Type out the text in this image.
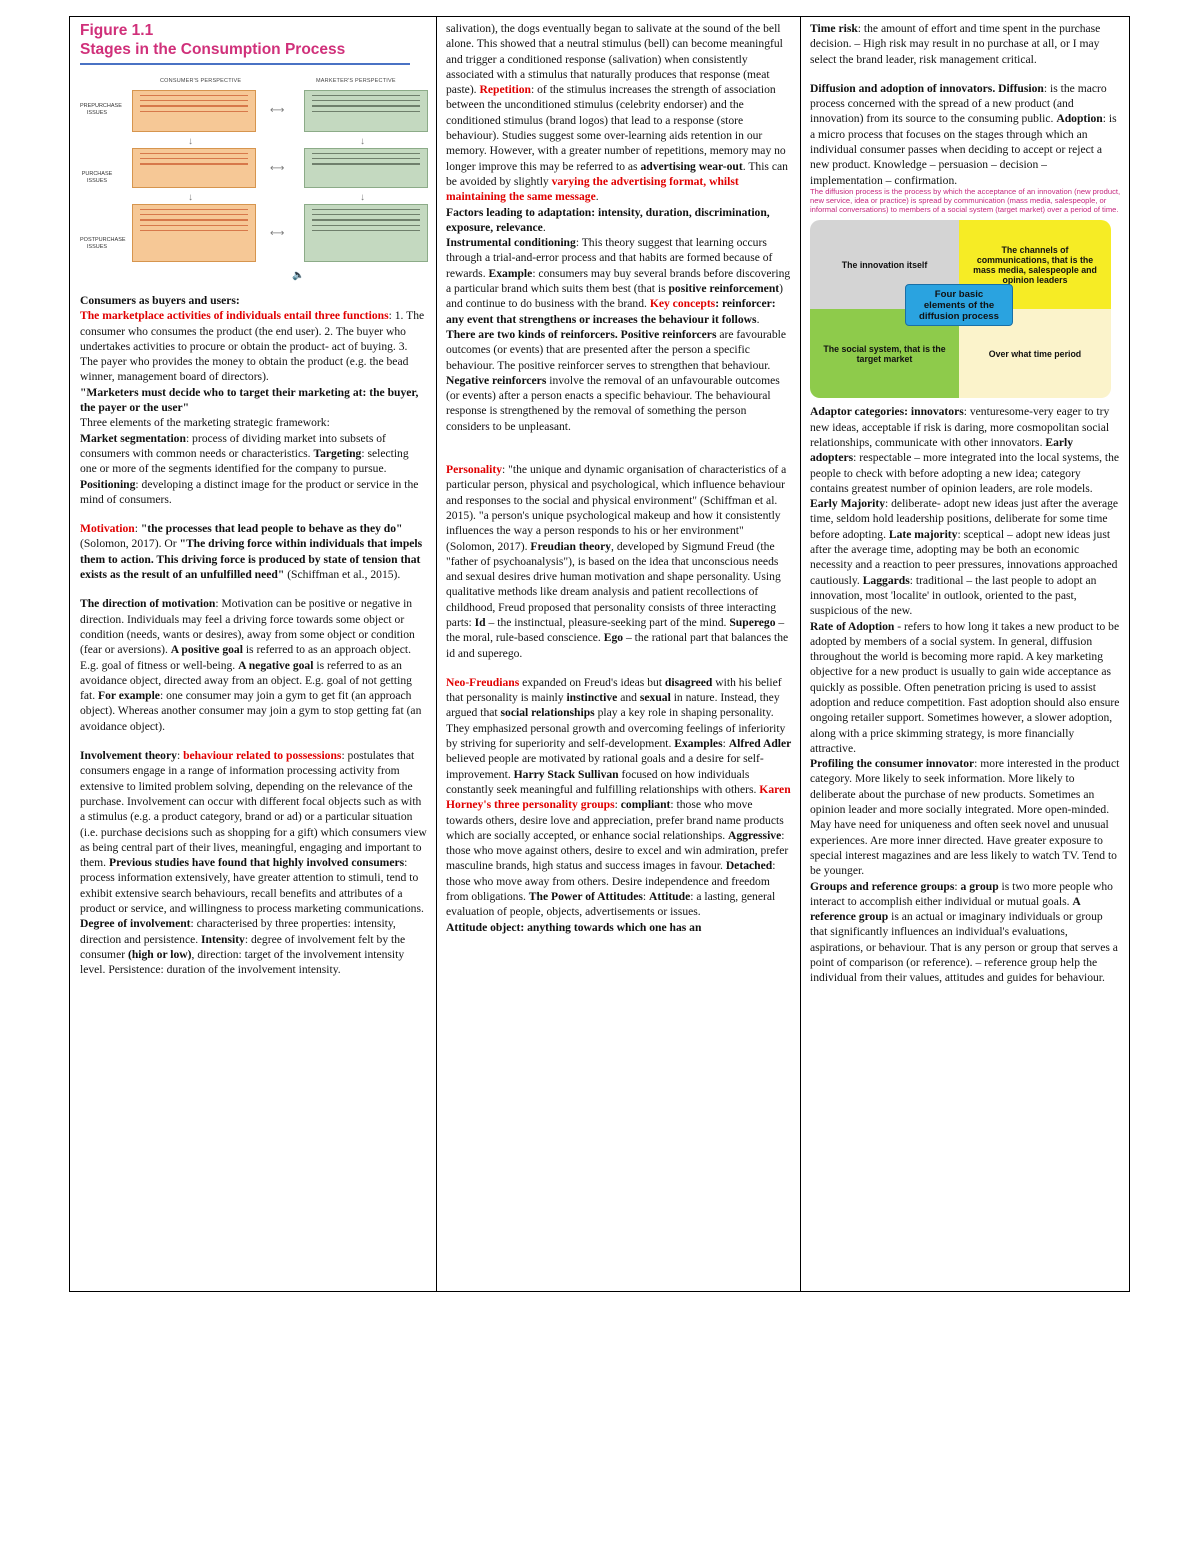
Figure 1.1
Stages in the Consumption Process
CONSUMER'S PERSPECTIVE	MARKETER'S PERSPECTIVE
PREPURCHASE ISSUES
PURCHASE ISSUES
POSTPURCHASE ISSUES
⟷
↓	↓
⟷
↓	↓
⟷
🔈

Consumers as buyers and users:
The marketplace activities of individuals entail three functions: 1. The consumer who consumes the product (the end user). 2. The buyer who undertakes activities to procure or obtain the product- act of buying. 3. The payer who provides the money to obtain the product (e.g. the bead winner, management board of directors).

"Marketers must decide who to target their marketing at: the buyer, the payer or the user"

Three elements of the marketing strategic framework:
Market segmentation: process of dividing market into subsets of consumers with common needs or characteristics. Targeting: selecting one or more of the segments identified for the company to pursue.
Positioning: developing a distinct image for the product or service in the mind of consumers.

Motivation: "the processes that lead people to behave as they do" (Solomon, 2017). Or "The driving force within individuals that impels them to action. This driving force is produced by state of tension that exists as the result of an unfulfilled need" (Schiffman et al., 2015).

The direction of motivation: Motivation can be positive or negative in direction. Individuals may feel a driving force towards some object or condition (needs, wants or desires), away from some object or condition (fear or aversions). A positive goal is referred to as an approach object. E.g. goal of fitness or well-being. A negative goal is referred to as an avoidance object, directed away from an object. E.g. goal of not getting fat. For example: one consumer may join a gym to get fit (an approach object). Whereas another consumer may join a gym to stop getting fat (an avoidance object).

Involvement theory: behaviour related to possessions: postulates that consumers engage in a range of information processing activity from extensive to limited problem solving, depending on the relevance of the purchase. Involvement can occur with different focal objects such as with a stimulus (e.g. a product category, brand or ad) or a particular situation (i.e. purchase decisions such as shopping for a gift) which consumers view as being central part of their lives, meaningful, engaging and important to them. Previous studies have found that highly involved consumers: process information extensively, have greater attention to stimuli, tend to exhibit extensive search behaviours, recall benefits and attributes of a product or service, and willingness to process marketing communications.

Degree of involvement: characterised by three properties: intensity, direction and persistence. Intensity: degree of involvement felt by the consumer (high or low), direction: target of the involvement intensity level. Persistence: duration of the involvement intensity.

salivation), the dogs eventually began to salivate at the sound of the bell alone. This showed that a neutral stimulus (bell) can become meaningful and trigger a conditioned response (salivation) when consistently associated with a stimulus that naturally produces that response (meat paste). Repetition: of the stimulus increases the strength of association between the unconditioned stimulus (celebrity endorser) and the conditioned stimulus (brand logos) that lead to a response (store behaviour). Studies suggest some over-learning aids retention in our memory. However, with a greater number of repetitions, memory may no longer improve this may be referred to as advertising wear-out. This can be avoided by slightly varying the advertising format, whilst maintaining the same message.

Factors leading to adaptation: intensity, duration, discrimination, exposure, relevance.

Instrumental conditioning: This theory suggest that learning occurs through a trial-and-error process and that habits are formed because of rewards. Example: consumers may buy several brands before discovering a particular brand which suits them best (that is positive reinforcement) and continue to do business with the brand. Key concepts: reinforcer: any event that strengthens or increases the behaviour it follows.

There are two kinds of reinforcers. Positive reinforcers are favourable outcomes (or events) that are presented after the person a specific behaviour. The positive reinforcer serves to strengthen that behaviour.
Negative reinforcers involve the removal of an unfavourable outcomes (or events) after a person enacts a specific behaviour. The behavioural response is strengthened by the removal of something the person considers to be unpleasant.

Personality: "the unique and dynamic organisation of characteristics of a particular person, physical and psychological, which influence behaviour and responses to the social and physical environment" (Schiffman et al. 2015). "a person's unique psychological makeup and how it consistently influences the way a person responds to his or her environment" (Solomon, 2017). Freudian theory, developed by Sigmund Freud (the "father of psychoanalysis"), is based on the idea that unconscious needs and sexual desires drive human motivation and shape personality. Using qualitative methods like dream analysis and patient recollections of childhood, Freud proposed that personality consists of three interacting parts: Id – the instinctual, pleasure-seeking part of the mind. Superego – the moral, rule-based conscience. Ego – the rational part that balances the id and superego.

Neo-Freudians expanded on Freud's ideas but disagreed with his belief that personality is mainly instinctive and sexual in nature. Instead, they argued that social relationships play a key role in shaping personality. They emphasized personal growth and overcoming feelings of inferiority by striving for superiority and self-development. Examples: Alfred Adler believed people are motivated by rational goals and a desire for self-improvement. Harry Stack Sullivan focused on how individuals constantly seek meaningful and fulfilling relationships with others. Karen Horney's three personality groups: compliant: those who move towards others, desire love and appreciation, prefer brand name products which are socially accepted, or enhance social relationships. Aggressive: those who move against others, desire to excel and win admiration, prefer masculine brands, high status and success images in favour. Detached: those who move away from others. Desire independence and freedom from obligations. The Power of Attitudes: Attitude: a lasting, general evaluation of people, objects, advertisements or issues.
Attitude object: anything towards which one has an

Time risk: the amount of effort and time spent in the purchase decision. – High risk may result in no purchase at all, or I may select the brand leader, risk management critical.

Diffusion and adoption of innovators. Diffusion: is the macro process concerned with the spread of a new product (and innovation) from its source to the consuming public. Adoption: is a micro process that focuses on the stages through which an individual consumer passes when deciding to accept or reject a new product. Knowledge – persuasion – decision – implementation – confirmation.

The diffusion process is the process by which the acceptance of an innovation (new product, new service, idea or practice) is spread by communication (mass media, salespeople, or informal conversations) to members of a social system (target market) over a period of time.

The innovation itself
The channels of communications, that is the mass media, salespeople and opinion leaders
The social system, that is the target market	Over what time period
Four basic elements of the diffusion process

Adaptor categories: innovators: venturesome-very eager to try new ideas, acceptable if risk is daring, more cosmopolitan social relationships, communicate with other innovators. Early adopters: respectable – more integrated into the local systems, the people to check with before adopting a new idea; category contains greatest number of opinion leaders, are role models. Early Majority: deliberate- adopt new ideas just after the average time, seldom hold leadership positions, deliberate for some time before adopting. Late majority: sceptical – adopt new ideas just after the average time, adopting may be both an economic necessity and a reaction to peer pressures, innovations approached cautiously. Laggards: traditional – the last people to adopt an innovation, most 'localite' in outlook, oriented to the past, suspicious of the new.

Rate of Adoption - refers to how long it takes a new product to be adopted by members of a social system. In general, diffusion throughout the world is becoming more rapid. A key marketing objective for a new product is usually to gain wide acceptance as quickly as possible. Often penetration pricing is used to assist adoption and reduce competition. Fast adoption should also ensure ongoing retailer support. Sometimes however, a slower adoption, along with a price skimming strategy, is more financially attractive.

Profiling the consumer innovator: more interested in the product category. More likely to seek information. More likely to deliberate about the purchase of new products. Sometimes an opinion leader and more socially integrated. More open-minded. May have need for uniqueness and often seek novel and unusual experiences. Are more inner directed. Have greater exposure to special interest magazines and are less likely to watch TV. Tend to be younger.

Groups and reference groups: a group is two more people who interact to accomplish either individual or mutual goals. A reference group is an actual or imaginary individuals or group that significantly influences an individual's evaluations, aspirations, or behaviour. That is any person or group that serves a point of comparison (or reference). – reference group help the individual from their values, attitudes and guides for behaviour.
